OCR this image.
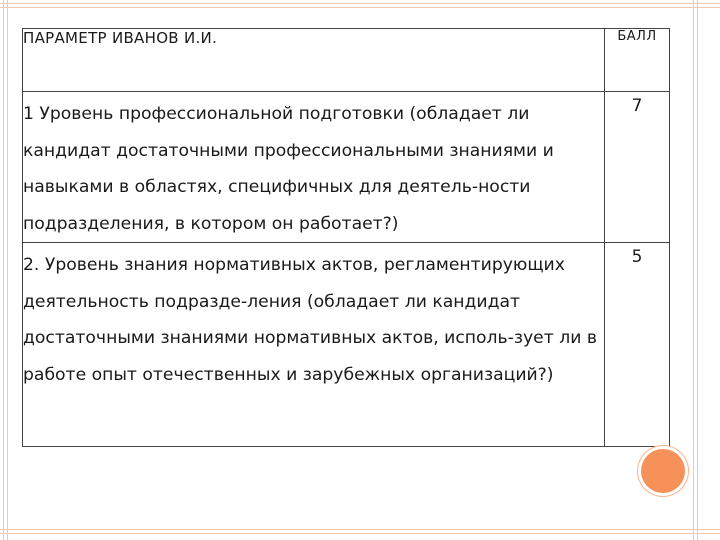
ПАРАМЕТР ИВАНОВ И.И.	БАЛЛ

1 Уровень профессиональной подготовки (обладает ли
кандидат достаточными профессиональными знаниями и
навыками в областях, специфичных для деятель-ности
подразделения, в котором он работает?)	7

2. Уровень знания нормативных актов, регламентирующих
деятельность подразде-ления (обладает ли кандидат
достаточными знаниями нормативных актов, исполь-зует ли в
работе опыт отечественных и зарубежных организаций?)	5
